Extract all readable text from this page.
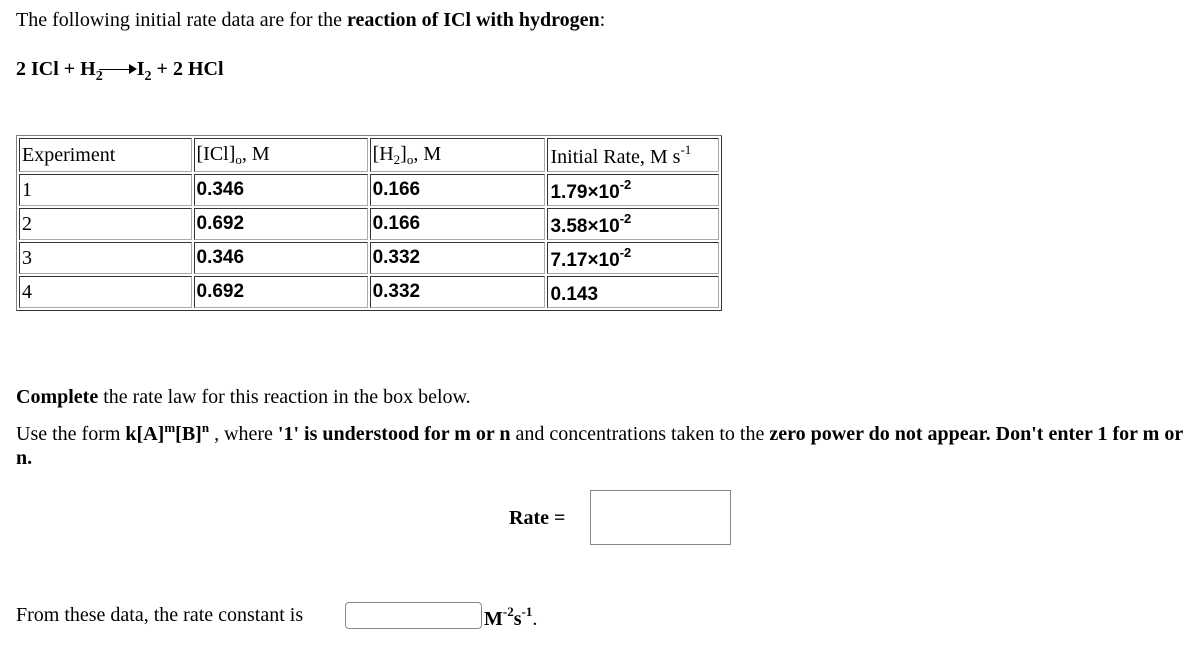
The following initial rate data are for the reaction of ICl with hydrogen:
2 ICl + $H_2$ $I_2 + 2$ HCl
Experiment	$[ICl]_o$, M	$[H_2]_o$, M	Initial Rate, M $s^{-1}$
1	0.346	0.166	$1.79\times 10^{-2}$
2	0.692	0.166	$3.58\times 10^{-2}$
3	0.346	0.332	$7.17\times 10^{-2}$
4	0.692	0.332	0.143
Complete the rate law for this reaction in the box below.
Use the form $k[A]^m[B]^n$ , where '1' is understood for m or n and concentrations taken to the zero power do not appear. Don't enter 1 for m or n.
Rate =
From these data, the rate constant is	$M^{-2}s^{-1}$.
